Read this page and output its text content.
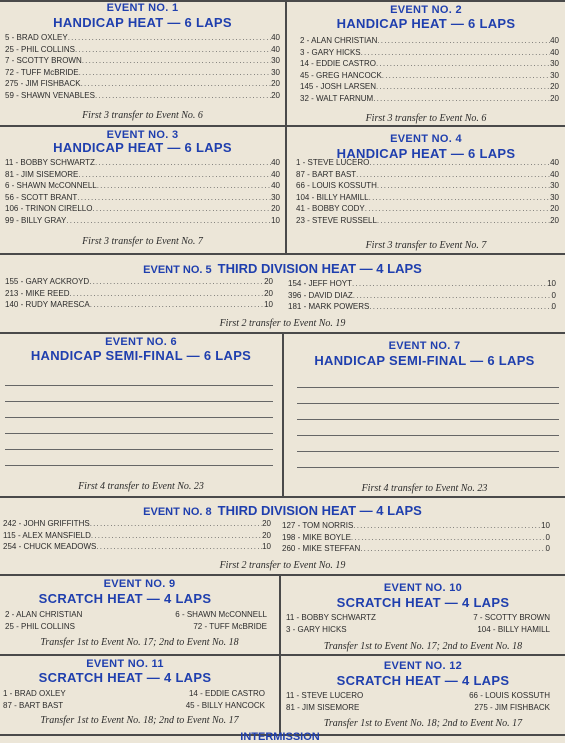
EVENT NO. 1
HANDICAP HEAT — 6 LAPS
5 - BRAD OXLEY .....	40
25 - PHIL COLLINS .....	40
7 - SCOTTY BROWN .....	30
72 - TUFF McBRIDE .....	30
275 - JIM FISHBACK .....	20
59 - SHAWN VENABLES .....	20
First 3 transfer to Event No. 6
EVENT NO. 2
HANDICAP HEAT — 6 LAPS
2 - ALAN CHRISTIAN .....	40
3 - GARY HICKS .....	40
14 - EDDIE CASTRO .....	30
45 - GREG HANCOCK .....	30
145 - JOSH LARSEN .....	20
32 - WALT FARNUM .....	20
First 3 transfer to Event No. 6
EVENT NO. 3
HANDICAP HEAT — 6 LAPS
11 - BOBBY SCHWARTZ .....	40
81 - JIM SISEMORE .....	40
6 - SHAWN McCONNELL .....	40
56 - SCOTT BRANT .....	30
106 - TRINON CIRELLO .....	20
99 - BILLY GRAY .....	10
First 3 transfer to Event No. 7
EVENT NO. 4
HANDICAP HEAT — 6 LAPS
1 - STEVE LUCERO .....	40
87 - BART BAST .....	40
66 - LOUIS KOSSUTH .....	30
104 - BILLY HAMILL .....	30
41 - BOBBY CODY .....	20
23 - STEVE RUSSELL .....	20
First 3 transfer to Event No. 7
EVENT NO. 5 THIRD DIVISION HEAT — 4 LAPS
155 - GARY ACKROYD .....	20
213 - MIKE REED .....	20
140 - RUDY MARESCA .....	10
154 - JEFF HOYT .....	10
396 - DAVID DIAZ .....	0
181 - MARK POWERS .....	0
First 2 transfer to Event No. 19
EVENT NO. 6
HANDICAP SEMI-FINAL — 6 LAPS
First 4 transfer to Event No. 23
EVENT NO. 7
HANDICAP SEMI-FINAL — 6 LAPS
First 4 transfer to Event No. 23
EVENT NO. 8 THIRD DIVISION HEAT — 4 LAPS
242 - JOHN GRIFFITHS .....	20
115 - ALEX MANSFIELD .....	20
254 - CHUCK MEADOWS .....	10
127 - TOM NORRIS .....	10
198 - MIKE BOYLE .....	0
260 - MIKE STEFFAN .....	0
First 2 transfer to Event No. 19
EVENT NO. 9
SCRATCH HEAT — 4 LAPS
2 - ALAN CHRISTIAN	6 - SHAWN McCONNELL
25 - PHIL COLLINS	72 - TUFF McBRIDE
Transfer 1st to Event No. 17; 2nd to Event No. 18
EVENT NO. 10
SCRATCH HEAT — 4 LAPS
11 - BOBBY SCHWARTZ	7 - SCOTTY BROWN
3 - GARY HICKS	104 - BILLY HAMILL
Transfer 1st to Event No. 17; 2nd to Event No. 18
EVENT NO. 11
SCRATCH HEAT — 4 LAPS
1 - BRAD OXLEY	14 - EDDIE CASTRO
87 - BART BAST	45 - BILLY HANCOCK
Transfer 1st to Event No. 18; 2nd to Event No. 17
EVENT NO. 12
SCRATCH HEAT — 4 LAPS
11 - STEVE LUCERO	66 - LOUIS KOSSUTH
81 - JIM SISEMORE	275 - JIM FISHBACK
Transfer 1st to Event No. 18; 2nd to Event No. 17
INTERMISSION
